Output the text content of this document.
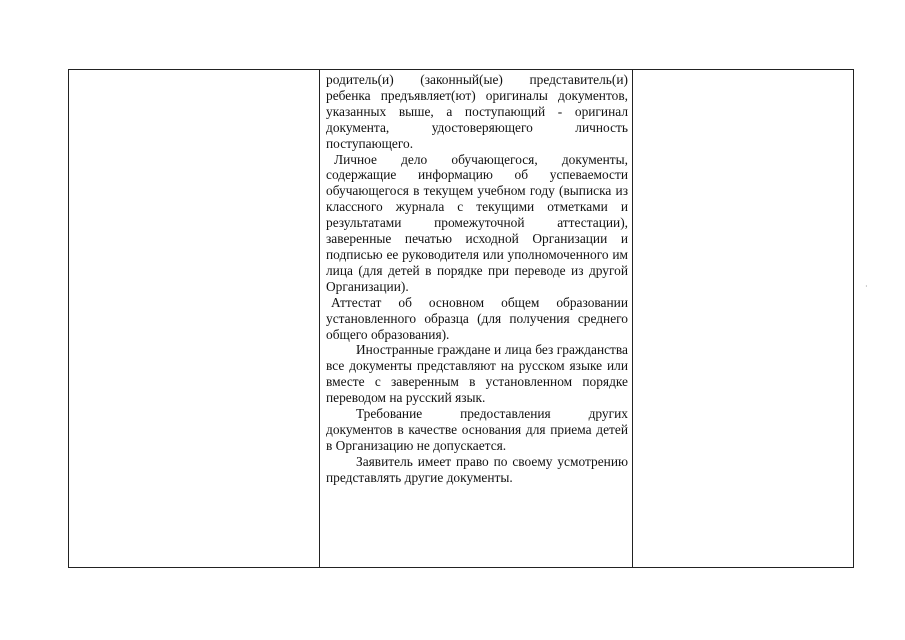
родитель(и) (законный(ые) представитель(и) ребенка предъявляет(ют) оригиналы документов, указанных выше, а поступающий - оригинал документа, удостоверяющего личность поступающего.

Личное дело обучающегося, документы, содержащие информацию об успеваемости обучающегося в текущем учебном году (выписка из классного журнала с текущими отметками и результатами промежуточной аттестации), заверенные печатью исходной Организации и подписью ее руководителя или уполномоченного им лица (для детей в порядке при переводе из другой Организации).

Аттестат об основном общем образовании установленного образца (для получения среднего общего образования).

Иностранные граждане и лица без гражданства все документы представляют на русском языке или вместе с заверенным в установленном порядке переводом на русский язык.

Требование предоставления других документов в качестве основания для приема детей в Организацию не допускается.

Заявитель имеет право по своему усмотрению представлять другие документы.

·
